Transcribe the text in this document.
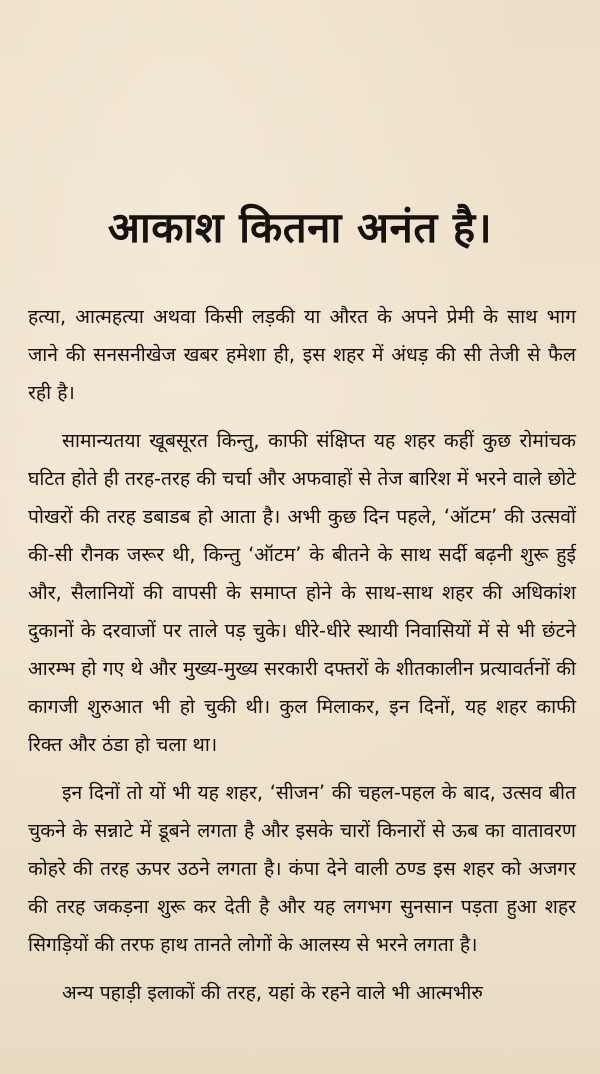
आकाश कितना अनंत है।

हत्या, आत्महत्या अथवा किसी लड़की या औरत के अपने प्रेमी के साथ भाग जाने की सनसनीखेज खबर हमेशा ही, इस शहर में अंधड़ की सी तेजी से फैल रही है।

सामान्यतया खूबसूरत किन्तु, काफी संक्षिप्त यह शहर कहीं कुछ रोमांचक घटित होते ही तरह-तरह की चर्चा और अफवाहों से तेज बारिश में भरने वाले छोटे पोखरों की तरह डबाडब हो आता है। अभी कुछ दिन पहले, ‘ऑटम’ की उत्सवों की-सी रौनक जरूर थी, किन्तु ‘ऑटम’ के बीतने के साथ सर्दी बढ़नी शुरू हुई और, सैलानियों की वापसी के समाप्त होने के साथ-साथ शहर की अधिकांश दुकानों के दरवाजों पर ताले पड़ चुके। धीरे-धीरे स्थायी निवासियों में से भी छंटने आरम्भ हो गए थे और मुख्य-मुख्य सरकारी दफ्तरों के शीतकालीन प्रत्यावर्तनों की कागजी शुरुआत भी हो चुकी थी। कुल मिलाकर, इन दिनों, यह शहर काफी रिक्त और ठंडा हो चला था।

इन दिनों तो यों भी यह शहर, ‘सीजन’ की चहल-पहल के बाद, उत्सव बीत चुकने के सन्नाटे में डूबने लगता है और इसके चारों किनारों से ऊब का वातावरण कोहरे की तरह ऊपर उठने लगता है। कंपा देने वाली ठण्ड इस शहर को अजगर की तरह जकड़ना शुरू कर देती है और यह लगभग सुनसान पड़ता हुआ शहर सिगड़ियों की तरफ हाथ तानते लोगों के आलस्य से भरने लगता है।

अन्य पहाड़ी इलाकों की तरह, यहां के रहने वाले भी आत्मभीरु
